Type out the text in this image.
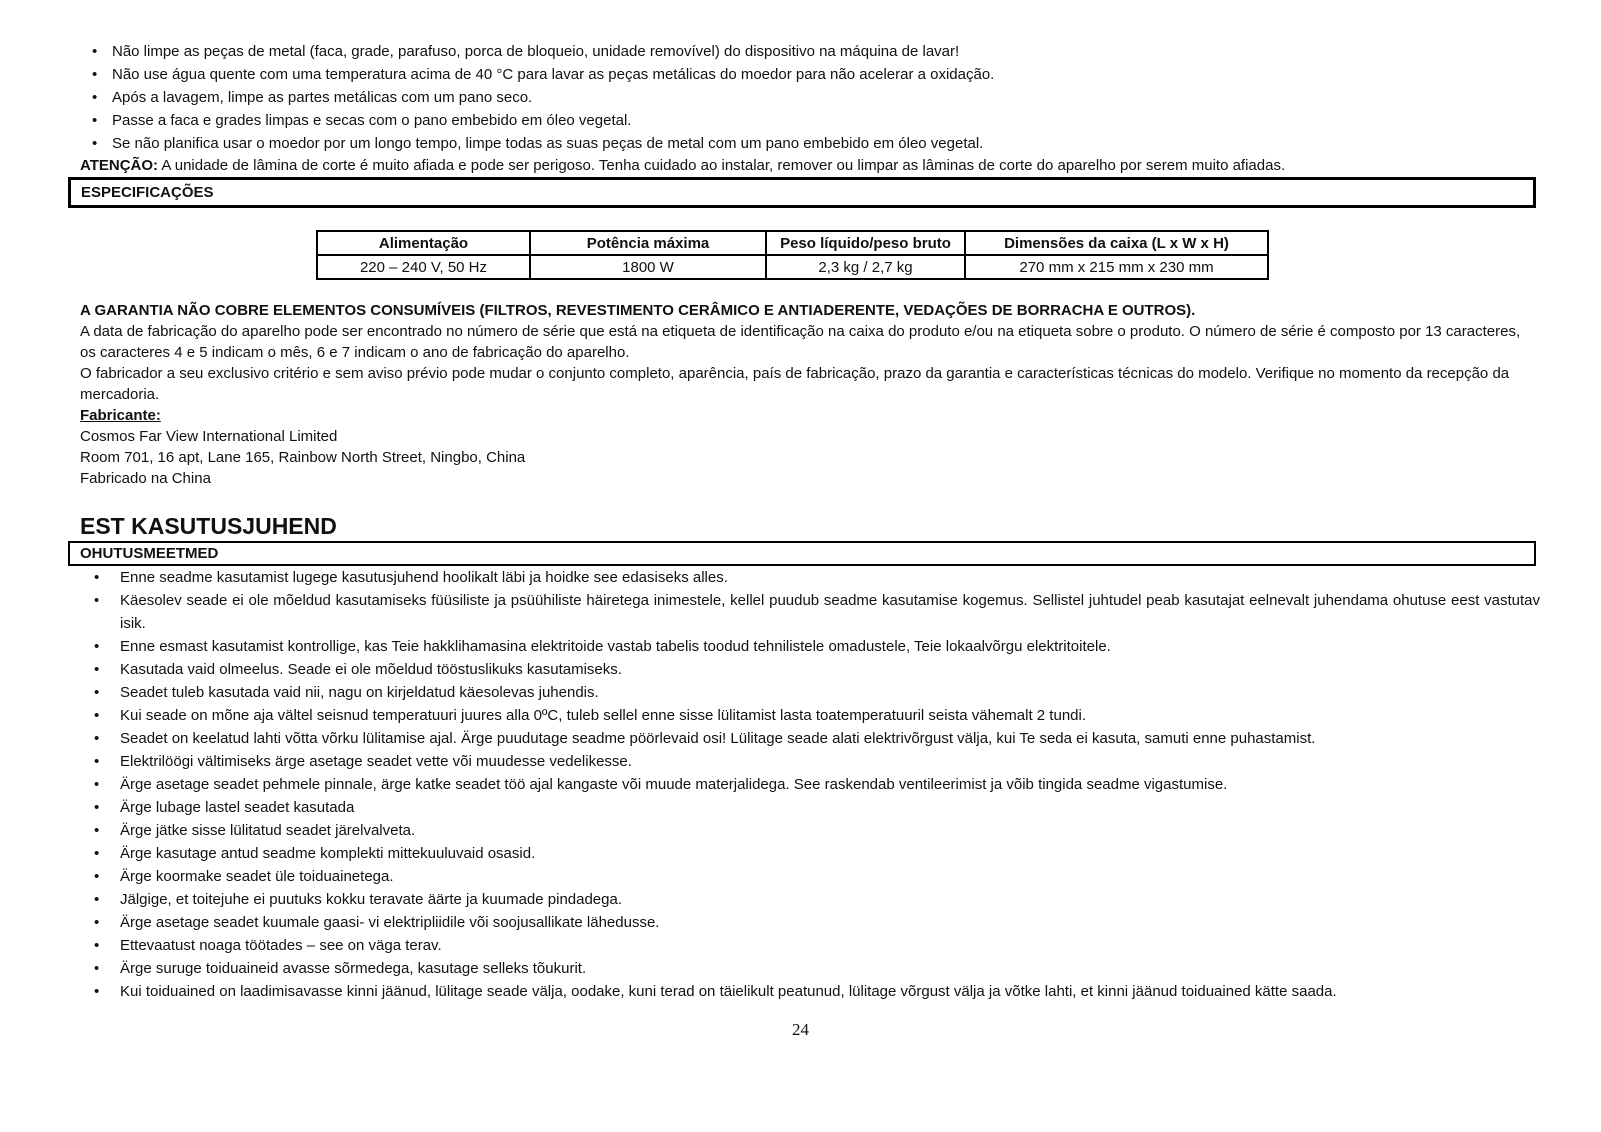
• Não limpe as peças de metal (faca, grade, parafuso, porca de bloqueio, unidade removível) do dispositivo na máquina de lavar!
• Não use água quente com uma temperatura acima de 40 °C para lavar as peças metálicas do moedor para não acelerar a oxidação.
• Após a lavagem, limpe as partes metálicas com um pano seco.
• Passe a faca e grades limpas e secas com o pano embebido em óleo vegetal.
• Se não planifica usar o moedor por um longo tempo, limpe todas as suas peças de metal com um pano embebido em óleo vegetal.
ATENÇÃO: A unidade de lâmina de corte é muito afiada e pode ser perigoso. Tenha cuidado ao instalar, remover ou limpar as lâminas de corte do aparelho por serem muito afiadas.
ESPECIFICAÇÕES
Alimentação	Potência máxima	Peso líquido/peso bruto	Dimensões da caixa (L x W x H)
220 – 240 V, 50 Hz	1800 W	2,3 kg / 2,7 kg	270 mm x 215 mm x 230 mm
A GARANTIA NÃO COBRE ELEMENTOS CONSUMÍVEIS (FILTROS, REVESTIMENTO CERÂMICO E ANTIADERENTE, VEDAÇÕES DE BORRACHA E OUTROS).
A data de fabricação do aparelho pode ser encontrado no número de série que está na etiqueta de identificação na caixa do produto e/ou na etiqueta sobre o produto. O número de série é composto por 13 caracteres, os caracteres 4 e 5 indicam o mês, 6 e 7 indicam o ano de fabricação do aparelho.
O fabricador a seu exclusivo critério e sem aviso prévio pode mudar o conjunto completo, aparência, país de fabricação, prazo da garantia e características técnicas do modelo. Verifique no momento da recepção da mercadoria.
Fabricante:
Cosmos Far View International Limited
Room 701, 16 apt, Lane 165, Rainbow North Street, Ningbo, China
Fabricado na China
EST KASUTUSJUHEND
OHUTUSMEETMED
• Enne seadme kasutamist lugege kasutusjuhend hoolikalt läbi ja hoidke see edasiseks alles.
• Käesolev seade ei ole mõeldud kasutamiseks füüsiliste ja psüühiliste häiretega inimestele, kellel puudub seadme kasutamise kogemus. Sellistel juhtudel peab kasutajat eelnevalt juhendama ohutuse eest vastutav isik.
• Enne esmast kasutamist kontrollige, kas Teie hakklihamasina elektritoide vastab tabelis toodud tehnilistele omadustele, Teie lokaalvõrgu elektritoitele.
• Kasutada vaid olmeelus. Seade ei ole mõeldud tööstuslikuks kasutamiseks.
• Seadet tuleb kasutada vaid nii, nagu on kirjeldatud käesolevas juhendis.
• Kui seade on mõne aja vältel seisnud temperatuuri juures alla 0ºC, tuleb sellel enne sisse lülitamist lasta toatemperatuuril seista vähemalt 2 tundi.
• Seadet on keelatud lahti võtta võrku lülitamise ajal. Ärge puudutage seadme pöörlevaid osi! Lülitage seade alati elektrivõrgust välja, kui Te seda ei kasuta, samuti enne puhastamist.
• Elektrilöögi vältimiseks ärge asetage seadet vette või muudesse vedelikesse.
• Ärge asetage seadet pehmele pinnale, ärge katke seadet töö ajal kangaste või muude materjalidega. See raskendab ventileerimist ja võib tingida seadme vigastumise.
• Ärge lubage lastel seadet kasutada
• Ärge jätke sisse lülitatud seadet järelvalveta.
• Ärge kasutage antud seadme komplekti mittekuuluvaid osasid.
• Ärge koormake seadet üle toiduainetega.
• Jälgige, et toitejuhe ei puutuks kokku teravate äärte ja kuumade pindadega.
• Ärge asetage seadet kuumale gaasi- vi elektripliidile või soojusallikate lähedusse.
• Ettevaatust noaga töötades – see on väga terav.
• Ärge suruge toiduaineid avasse sõrmedega, kasutage selleks tõukurit.
• Kui toiduained on laadimisavasse kinni jäänud, lülitage seade välja, oodake, kuni terad on täielikult peatunud, lülitage võrgust välja ja võtke lahti, et kinni jäänud toiduained kätte saada.
24
